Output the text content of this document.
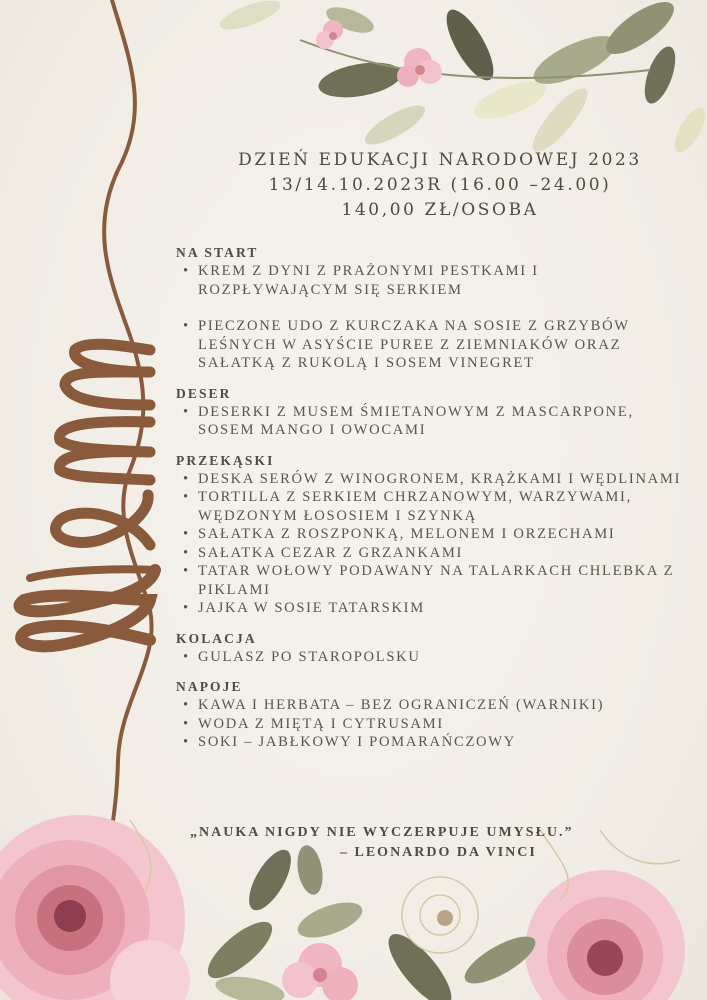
DZIEŃ EDUKACJI NARODOWEJ 2023
13/14.10.2023R (16.00 –24.00)
140,00 ZŁ/OSOBA
NA START
• KREM Z DYNI Z PRAŻONYMI PESTKAMI I ROZPŁYWAJĄCYM SIĘ SERKIEM
• PIECZONE UDO Z KURCZAKA NA SOSIE Z GRZYBÓW LEŚNYCH W ASYŚCIE PUREE Z ZIEMNIAKÓW ORAZ SAŁATKĄ Z RUKOLĄ I SOSEM VINEGRET
DESER
• DESERKI Z MUSEM ŚMIETANOWYM Z MASCARPONE, SOSEM MANGO I OWOCAMI
PRZEKĄSKI
• DESKA SERÓW Z WINOGRONEM, KRĄŻKAMI I WĘDLINAMI
• TORTILLA Z SERKIEM CHRZANOWYM, WARZYWAMI, WĘDZONYM ŁOSOSIEM I SZYNKĄ
• SAŁATKA Z ROSZPONKĄ, MELONEM I ORZECHAMI
• SAŁATKA CEZAR Z GRZANKAMI
• TATAR WOŁOWY PODAWANY NA TALARKACH CHLEBKA Z PIKLAMI
• JAJKA W SOSIE TATARSKIM
KOLACJA
• GULASZ PO STAROPOLSKU
NAPOJE
• KAWA I HERBATA – BEZ OGRANICZEŃ (WARNIKI)
• WODA Z MIĘTĄ I CYTRUSAMI
• SOKI – JABŁKOWY I POMARAŃCZOWY
„NAUKA NIGDY NIE WYCZERPUJE UMYSŁU.”
– LEONARDO DA VINCI
